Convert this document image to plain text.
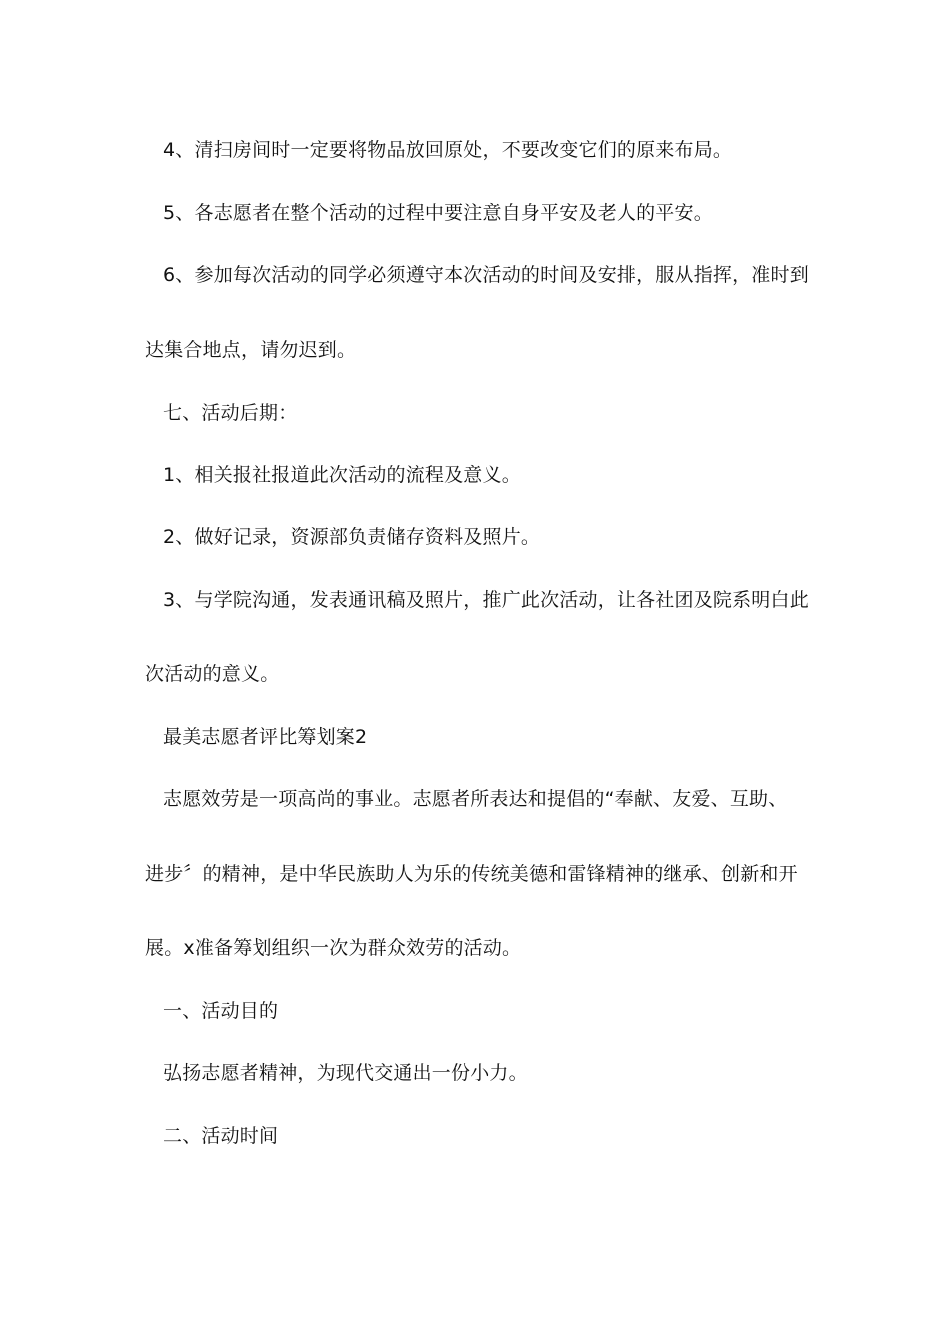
4、清扫房间时一定要将物品放回原处，不要改变它们的原来布局。
5、各志愿者在整个活动的过程中要注意自身平安及老人的平安。
6、参加每次活动的同学必须遵守本次活动的时间及安排，服从指挥，准时到
达集合地点，请勿迟到。
七、活动后期：
1、相关报社报道此次活动的流程及意义。
2、做好记录，资源部负责储存资料及照片。
3、与学院沟通，发表通讯稿及照片，推广此次活动，让各社团及院系明白此
次活动的意义。
最美志愿者评比筹划案2
志愿效劳是一项高尚的事业。志愿者所表达和提倡的“奉献、友爱、互助、
进步〞的精神，是中华民族助人为乐的传统美德和雷锋精神的继承、创新和开
展。x准备筹划组织一次为群众效劳的活动。
一、活动目的
弘扬志愿者精神，为现代交通出一份小力。
二、活动时间
